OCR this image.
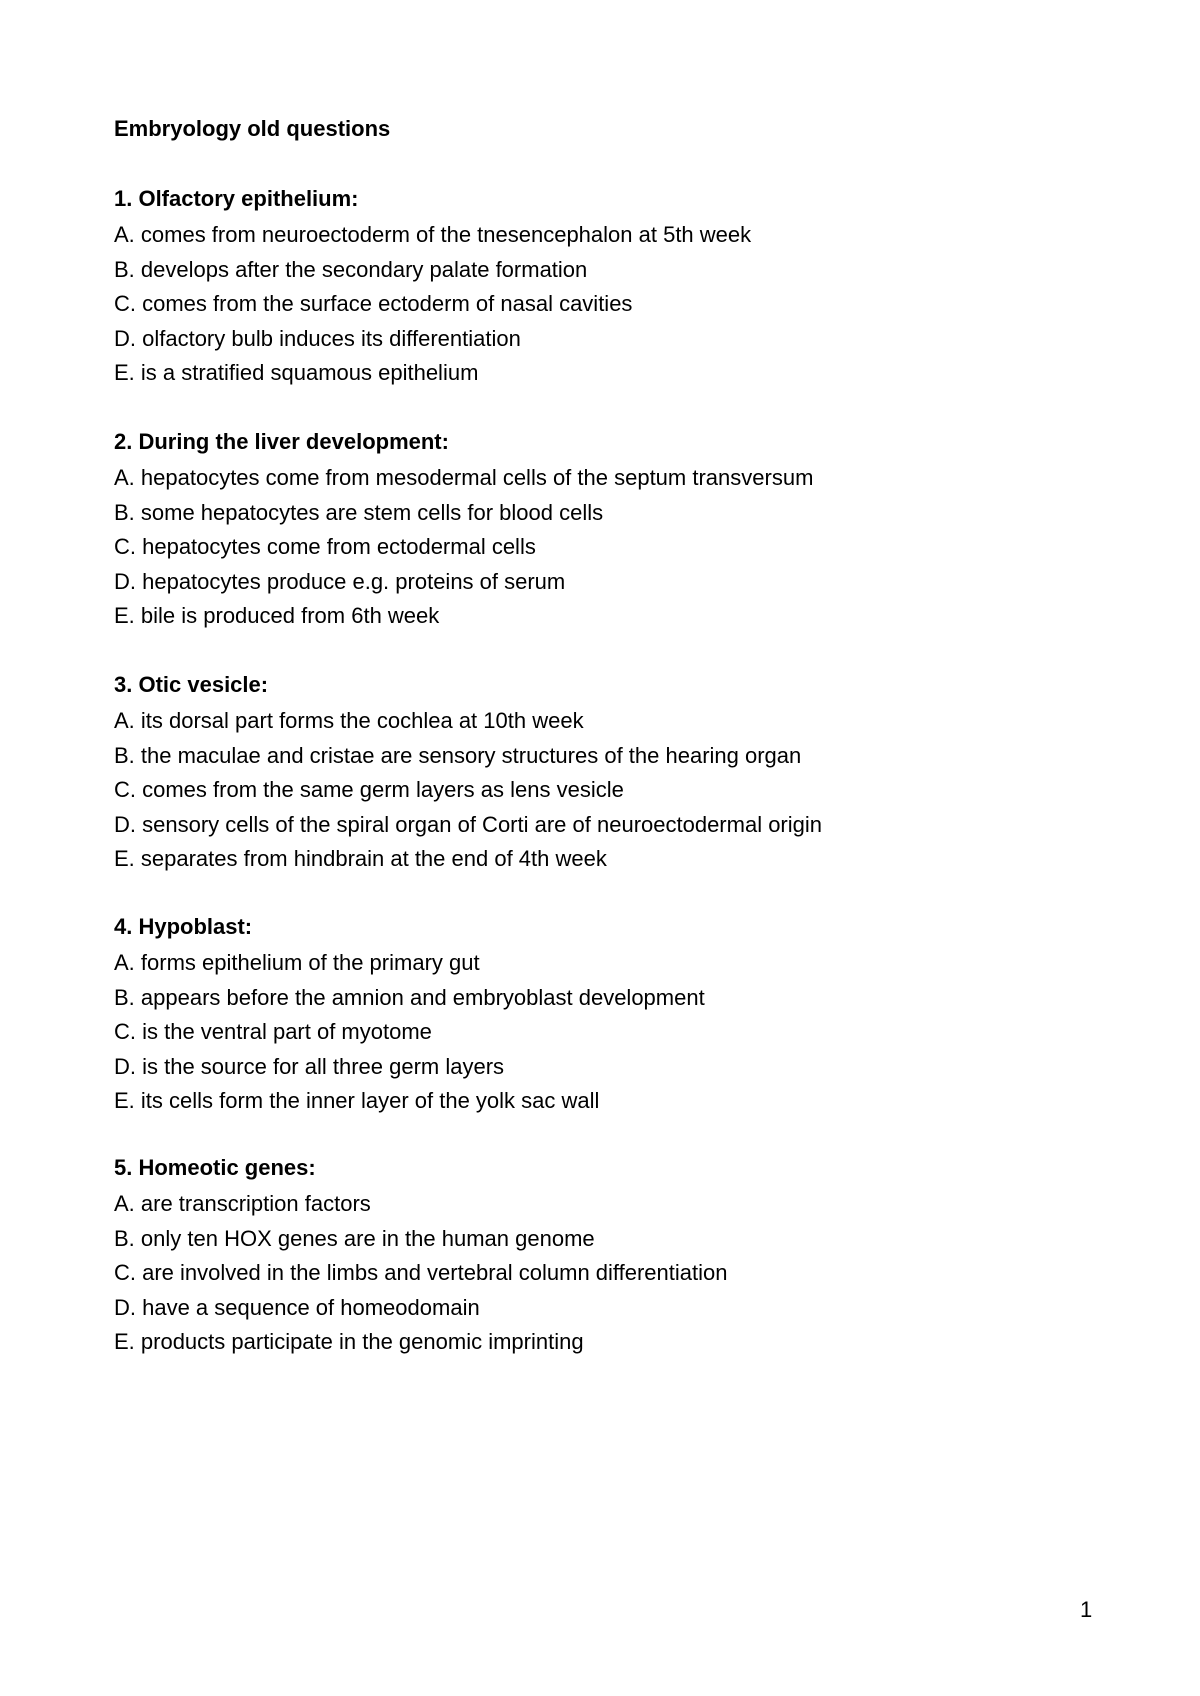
Embryology old questions
1. Olfactory epithelium:
A. comes from neuroectoderm of the tnesencephalon at 5th week
B. develops after the secondary palate formation
C. comes from the surface ectoderm of nasal cavities
D. olfactory bulb induces its differentiation
E. is a stratified squamous epithelium
2. During the liver development:
A. hepatocytes come from mesodermal cells of the septum transversum
B. some hepatocytes are stem cells for blood cells
C. hepatocytes come from ectodermal cells
D. hepatocytes produce e.g. proteins of serum
E. bile is produced from 6th week
3. Otic vesicle:
A. its dorsal part forms the cochlea at 10th week
B. the maculae and cristae are sensory structures of the hearing organ
C. comes from the same germ layers as lens vesicle
D. sensory cells of the spiral organ of Corti are of neuroectodermal origin
E. separates from hindbrain at the end of 4th week
4. Hypoblast:
A. forms epithelium of the primary gut
B. appears before the amnion and embryoblast development
C. is the ventral part of myotome
D. is the source for all three germ layers
E. its cells form the inner layer of the yolk sac wall
5. Homeotic genes:
A. are transcription factors
B. only ten HOX genes are in the human genome
C. are involved in the limbs and vertebral column differentiation
D. have a sequence of homeodomain
E. products participate in the genomic imprinting
1
